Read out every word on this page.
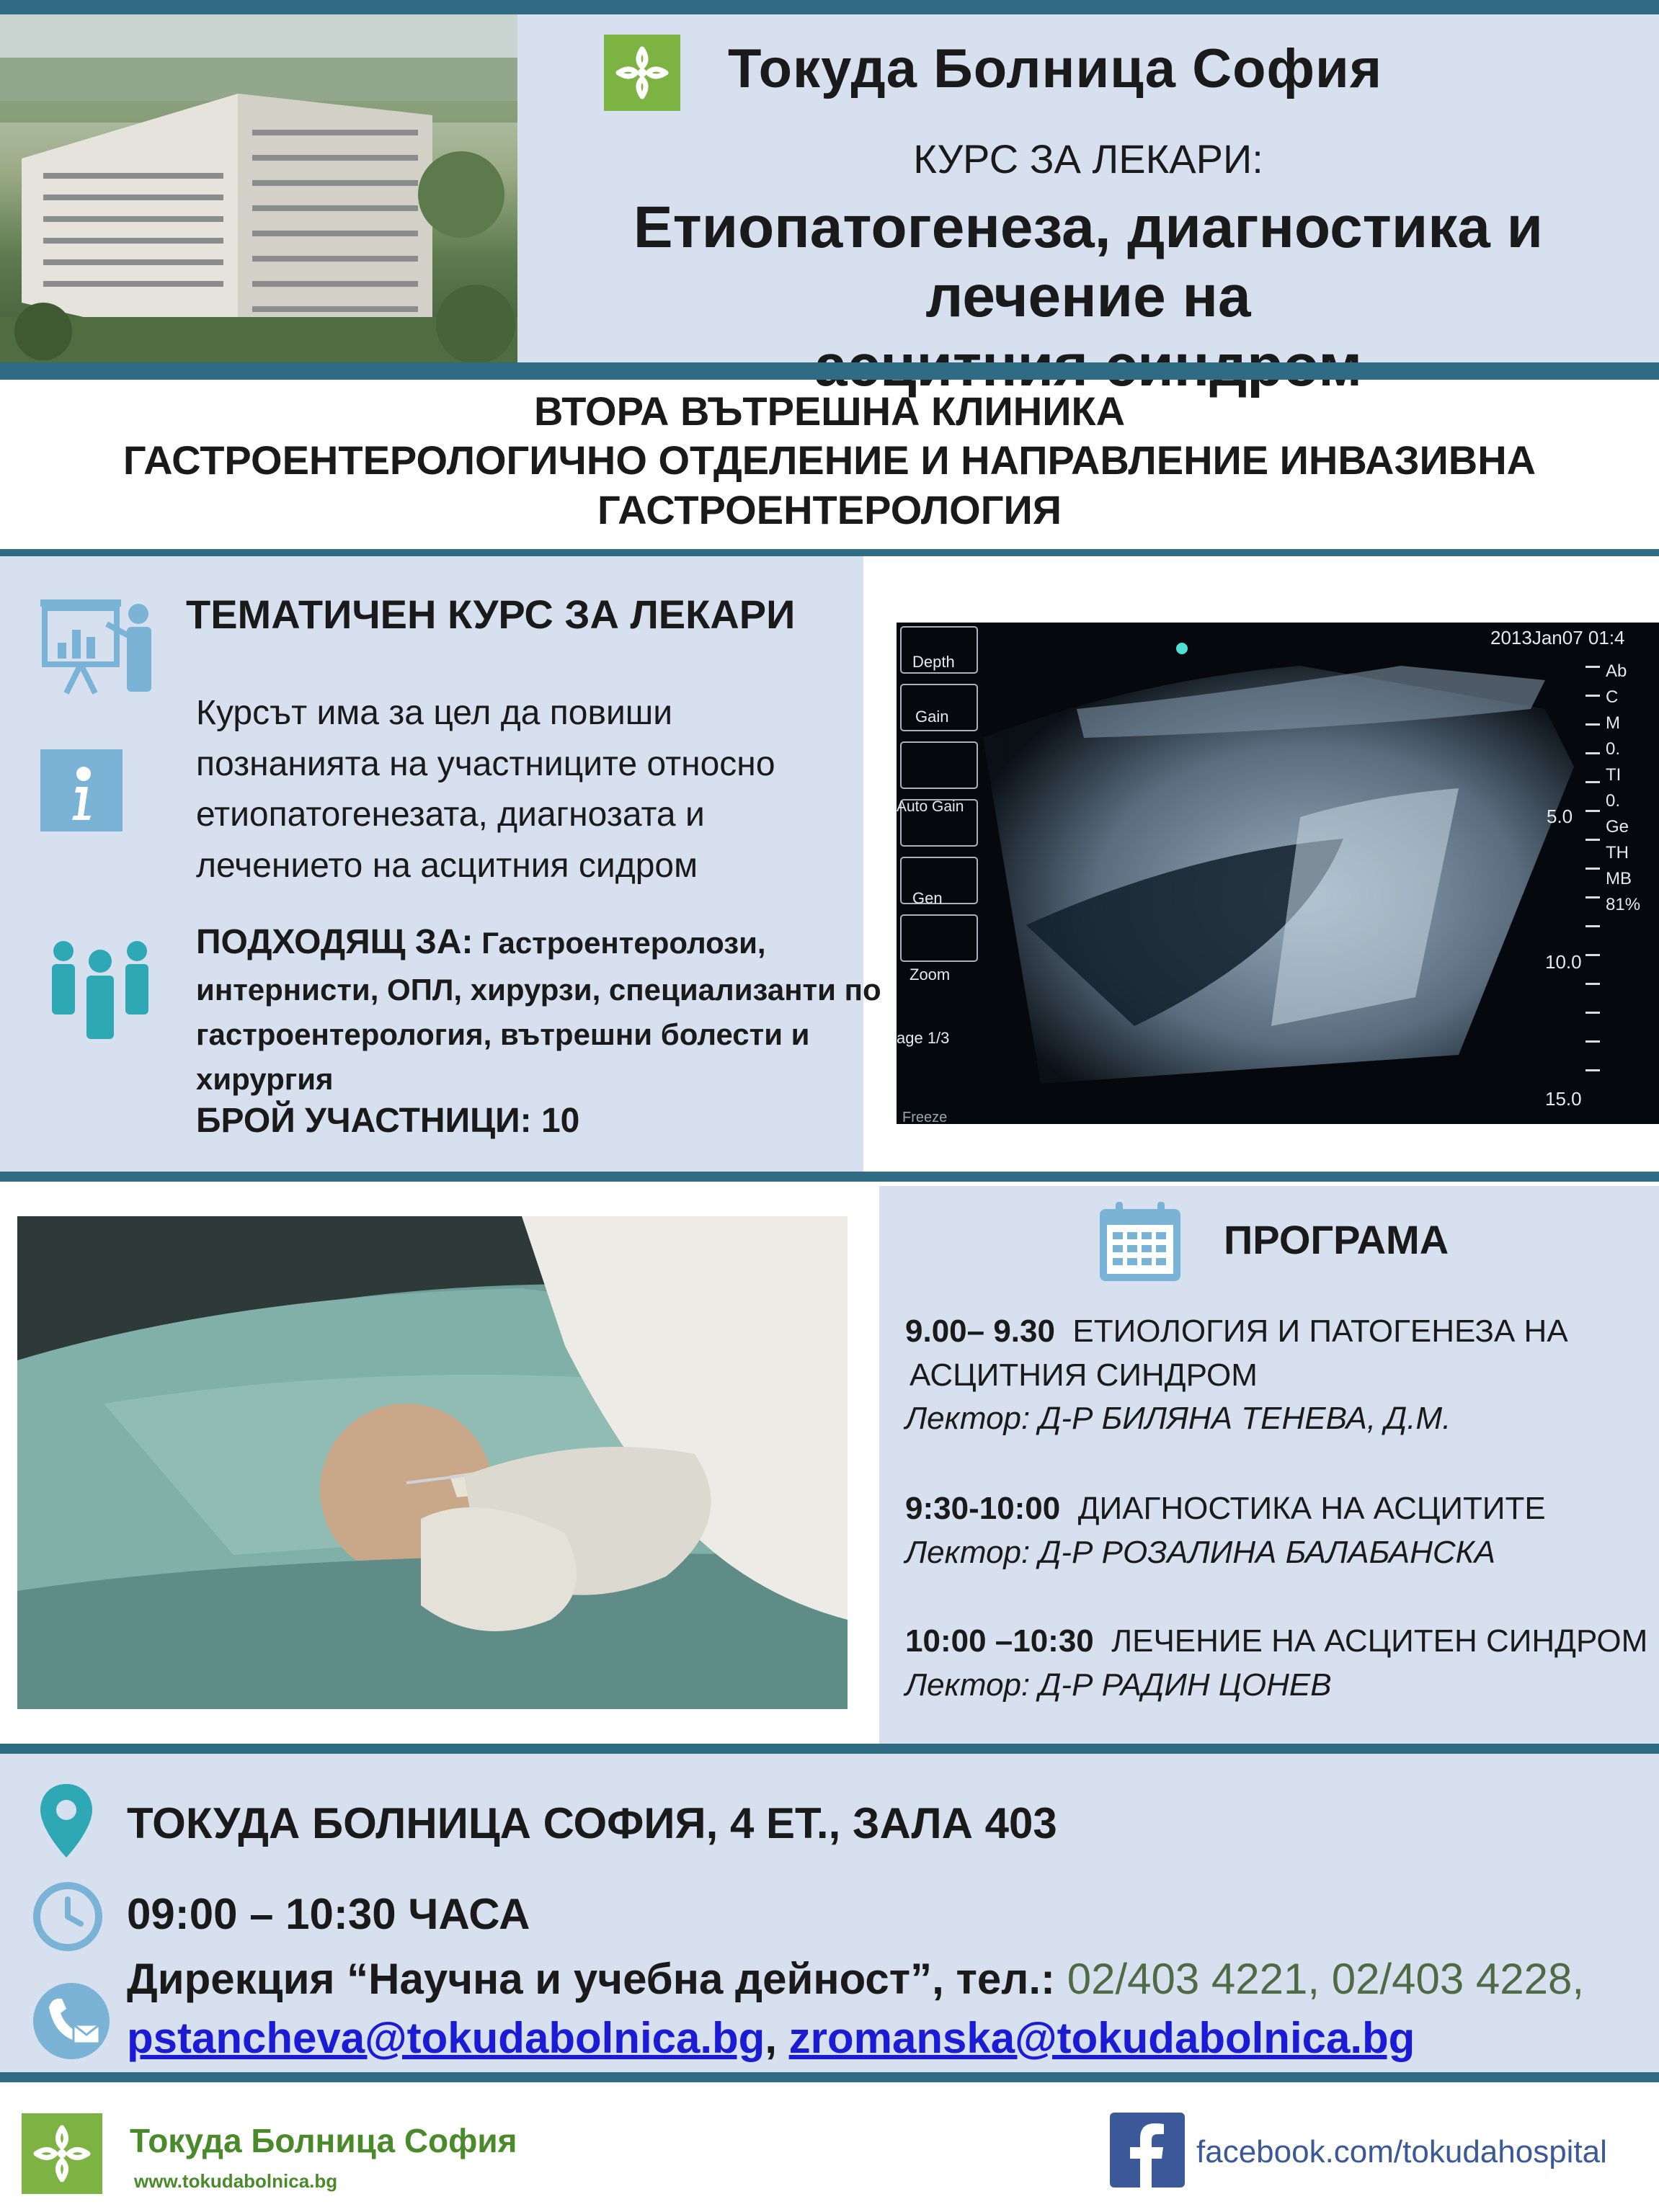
Токуда Болница София
КУРС ЗА ЛЕКАРИ:
Етиопатогенеза, диагностика и лечение на
ВТОРА ВЪТРЕШНА КЛИНИКА
ГАСТРОЕНТЕРОЛОГИЧНО ОТДЕЛЕНИЕ И НАПРАВЛЕНИЕ ИНВАЗИВНА
ГАСТРОЕНТЕРОЛОГИЯ
ТЕМАТИЧЕН КУРС ЗА ЛЕКАРИ
Курсът има за цел да повиши
познанията на участниците относно
етиопатогенезата, диагнозата и
лечението на асцитния сидром
ПОДХОДЯЩ ЗА: Гастроентеролози,
интернисти, ОПЛ, хирурзи, специализанти по
гастроентерология, вътрешни болести и
хирургия
БРОЙ УЧАСТНИЦИ: 10
Depth
Gain
Auto Gain
Gen
Zoom
age 1/3
Freeze
2013Jan07 01:4
Ab
C
M
0.
TI
0.
Ge
TH
MB
81%
5.0
10.0
15.0
ПРОГРАМА
9.00– 9.30 ЕТИОЛОГИЯ И ПАТОГЕНЕЗА НА
АСЦИТНИЯ СИНДРОМ
Лектор: Д-Р БИЛЯНА ТЕНЕВА, Д.М.
9:30-10:00 ДИАГНОСТИКА НА АСЦИТИТЕ
Лектор: Д-Р РОЗАЛИНА БАЛАБАНСКА
10:00 –10:30 ЛЕЧЕНИЕ НА АСЦИТЕН СИНДРОМ
Лектор: Д-Р РАДИН ЦОНЕВ
ТОКУДА БОЛНИЦА СОФИЯ, 4 ЕТ., ЗАЛА 403
09:00 – 10:30 ЧАСА
Дирекция “Научна и учебна дейност”, тел.: 02/403 4221, 02/403 4228,
pstancheva@tokudabolnica.bg, zromanska@tokudabolnica.bg
Токуда Болница София
www.tokudabolnica.bg
facebook.com/tokudahospital
